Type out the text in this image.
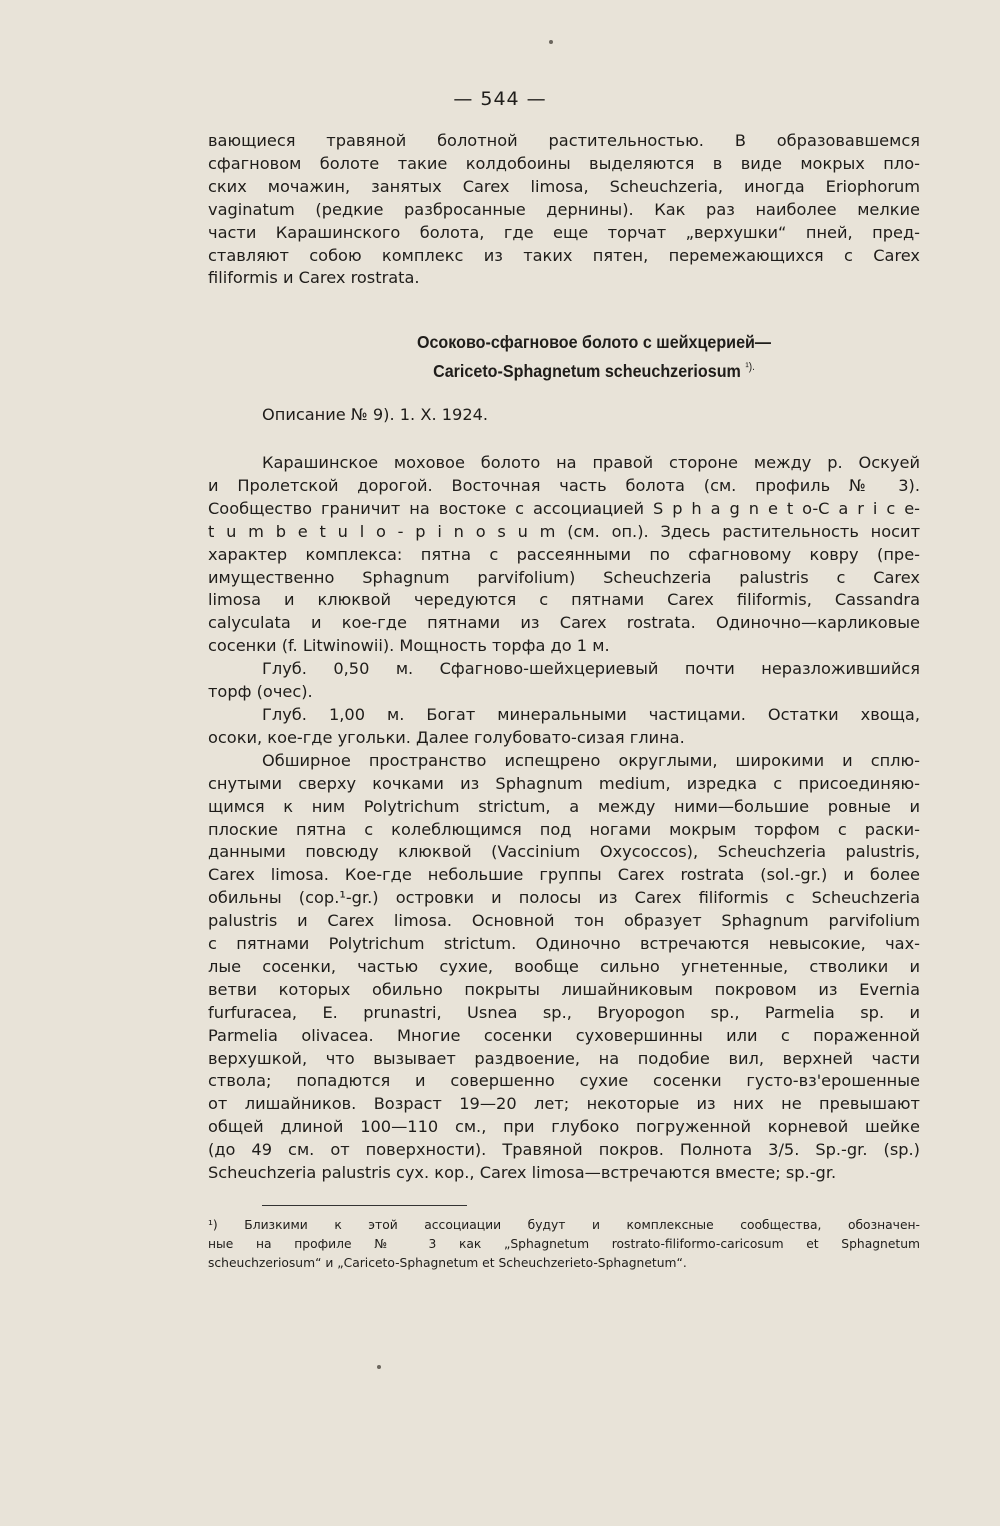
— 544 —
вающиеся травяной болотной растительностью. В образовавшемся
сфагновом болоте такие колдобоины выделяются в виде мокрых пло-
ских мочажин, занятых Carex limosa, Scheuchzeria, иногда Eriophorum
vaginatum (редкие разбросанные дернины). Как раз наиболее мелкие
части Карашинского болота, где еще торчат „верхушки“ пней, пред-
ставляют собою комплекс из таких пятен, перемежающихся с Carex
filiformis и Carex rostrata.
Осоково-сфагновое болото с шейхцерией—
Cariceto-Sphagnetum scheuchzeriosum $^{^1).}$
Описание № 9). 1. X. 1924.
Карашинское моховое болото на правой стороне между р. Оскуей
и Пролетской дорогой. Восточная часть болота (см. профиль № 3).
Сообщество граничит на востоке с ассоциацией S p h a g n e t o-C a r i c e-
t u m b e t u l o - p i n o s u m (см. оп.). Здесь растительность носит
характер комплекса: пятна с рассеянными по сфагновому ковру (пре-
имущественно Sphagnum parvifolium) Scheuchzeria palustris с Carex
limosa и клюквой чередуются с пятнами Carex filiformis, Cassandra
calyculata и кое-где пятнами из Carex rostrata. Одиночно—карликовые
сосенки (f. Litwinowii). Мощность торфа до 1 м.
Глуб. 0,50 м. Сфагново-шейхцериевый почти неразложившийся
торф (очес).
Глуб. 1,00 м. Богат минеральными частицами. Остатки хвоща,
осоки, кое-где угольки. Далее голубовато-сизая глина.
Обширное пространство испещрено округлыми, широкими и сплю-
снутыми сверху кочками из Sphagnum medium, изредка с присоединяю-
щимся к ним Polytrichum strictum, а между ними—большие ровные и
плоские пятна с колеблющимся под ногами мокрым торфом с раски-
данными повсюду клюквой (Vaccinium Oxycoccos), Scheuchzeria palustris,
Carex limosa. Кое-где небольшие группы Carex rostrata (sol.-gr.) и более
обильны (cop.¹-gr.) островки и полосы из Carex filiformis с Scheuchzeria
palustris и Carex limosa. Основной тон образует Sphagnum parvifolium
с пятнами Polytrichum strictum. Одиночно встречаются невысокие, чах-
лые сосенки, частью сухие, вообще сильно угнетенные, стволики и
ветви которых обильно покрыты лишайниковым покровом из Evernia
furfuracea, E. prunastri, Usnea sp., Bryopogon sp., Parmelia sp. и
Parmelia olivacea. Многие сосенки суховершинны или с пораженной
верхушкой, что вызывает раздвоение, на подобие вил, верхней части
ствола; попадются и совершенно сухие сосенки густо-вз'ерошенные
от лишайников. Возраст 19—20 лет; некоторые из них не превышают
общей длиной 100—110 см., при глубоко погруженной корневой шейке
(до 49 см. от поверхности). Травяной покров. Полнота 3/5. Sp.-gr. (sp.)
Scheuchzeria palustris сух. кор., Carex limosa—встречаются вместе; sp.-gr.
¹) Близкими к этой ассоциации будут и комплексные сообщества, обозначен-
ные на профиле № 3 как „Sphagnetum rostrato-filiformo-caricosum et Sphagnetum
scheuchzeriosum“ и „Cariceto-Sphagnetum et Scheuchzerieto-Sphagnetum“.
